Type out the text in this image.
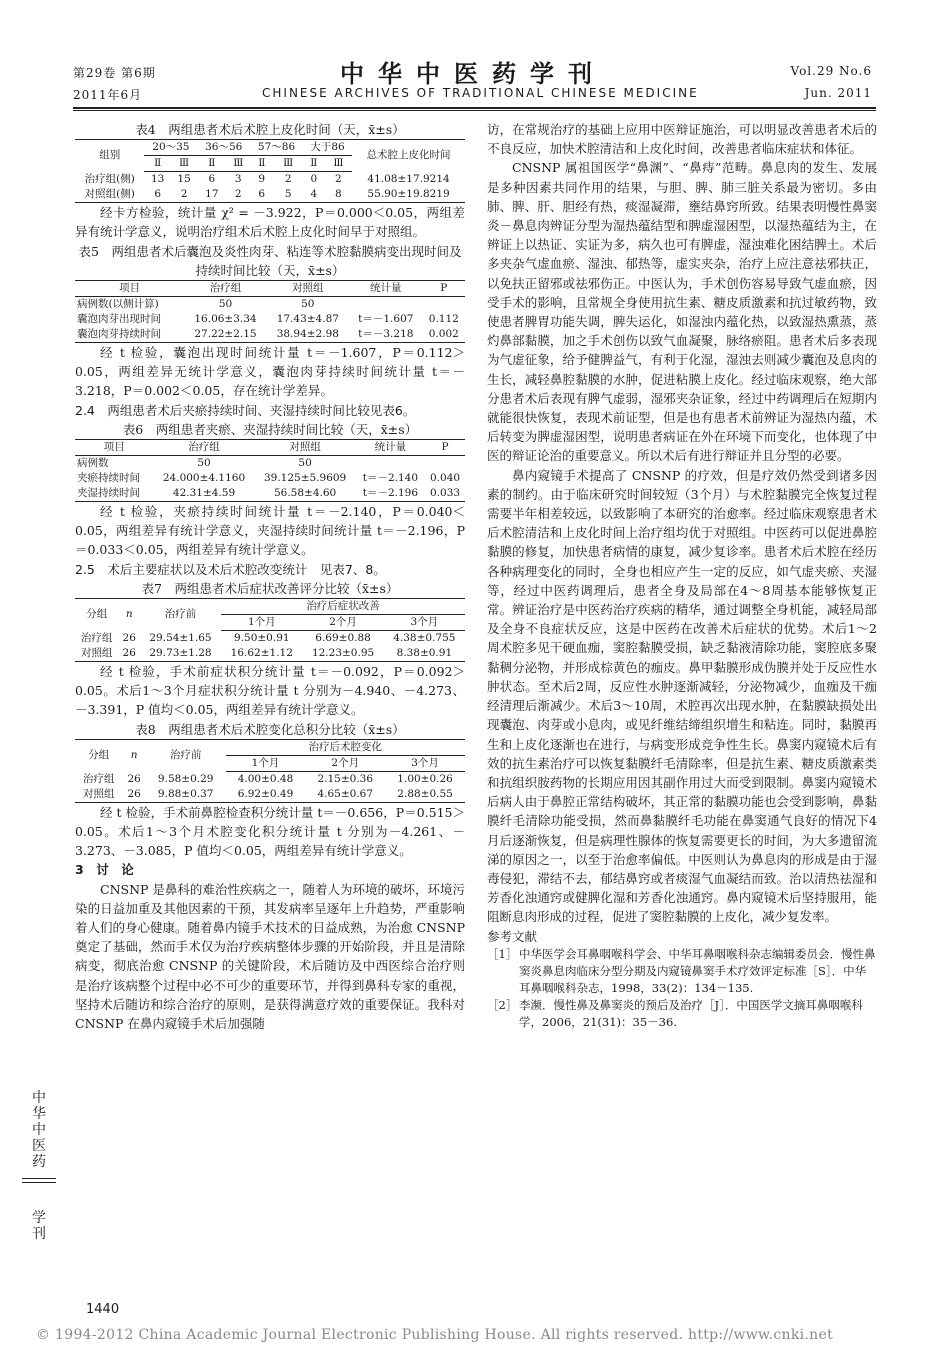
第29卷 第6期
2011年6月
中华中医药学刊
CHINESE ARCHIVES OF TRADITIONAL CHINESE MEDICINE
Vol.29 No.6
Jun. 2011

表4　两组患者术后术腔上皮化时间（天，x̄±s）

组别	20～35		36～56		57～86		大于86		总术腔上皮化时间
	Ⅱ	Ⅲ	Ⅱ	Ⅲ	Ⅱ	Ⅲ	Ⅱ	Ⅲ	
治疗组(侧)	13	15	6	3	9	2	0	2	41.08±17.9214
对照组(侧)	6	2	17	2	6	5	4	8	55.90±19.8219

经卡方检验，统计量 χ² = －3.922，P＝0.000＜0.05，两组差异有统计学意义，说明治疗组术后术腔上皮化时间早于对照组。

表5　两组患者术后囊泡及炎性肉芽、粘连等术腔黏膜病变出现时间及持续时间比较（天，x̄±s）

项目	治疗组	对照组	统计量	P
病例数(以侧计算)	50	50		
囊泡肉芽出现时间	16.06±3.34	17.43±4.87	t＝－1.607	0.112
囊泡肉芽持续时间	27.22±2.15	38.94±2.98	t＝－3.218	0.002

经 t 检验，囊泡出现时间统计量 t＝－1.607，P＝0.112＞0.05，两组差异无统计学意义，囊泡肉芽持续时间统计量 t＝－3.218，P＝0.002＜0.05，存在统计学差异。

2.4　两组患者术后夹瘀持续时间、夹湿持续时间比较见表6。

表6　两组患者夹瘀、夹湿持续时间比较（天，x̄±s）

项目	治疗组	对照组	统计量	P
病例数	50	50		
夹瘀持续时间	24.000±4.1160	39.125±5.9609	t＝－2.140	0.040
夹湿持续时间	42.31±4.59	56.58±4.60	t＝－2.196	0.033

经 t 检验，夹瘀持续时间统计量 t＝－2.140，P＝0.040＜0.05，两组差异有统计学意义，夹湿持续时间统计量 t＝－2.196，P＝0.033＜0.05，两组差异有统计学意义。

2.5　术后主要症状以及术后术腔改变统计　见表7、8。

表7　两组患者术后症状改善评分比较（x̄±s）

分组	n	治疗前	治疗后症状改善		
			1个月	2个月	3个月
治疗组	26	29.54±1.65	9.50±0.91	6.69±0.88	4.38±0.755
对照组	26	29.73±1.28	16.62±1.12	12.23±0.95	8.38±0.91

经 t 检验，手术前症状积分统计量 t＝－0.092，P＝0.092＞0.05。术后1～3个月症状积分统计量 t 分别为－4.940、－4.273、－3.391，P 值均＜0.05，两组差异有统计学意义。

表8　两组患者术后术腔变化总积分比较（x̄±s）

分组	n	治疗前	治疗后术腔变化		
			1个月	2个月	3个月
治疗组	26	9.58±0.29	4.00±0.48	2.15±0.36	1.00±0.26
对照组	26	9.88±0.37	6.92±0.49	4.65±0.67	2.88±0.55

经 t 检验，手术前鼻腔检查积分统计量 t＝－0.656，P＝0.515＞0.05。术后1～3个月术腔变化积分统计量 t 分别为－4.261、－3.273、－3.085，P 值均＜0.05，两组差异有统计学意义。

3　讨　论

CNSNP 是鼻科的难治性疾病之一，随着人为环境的破坏，环境污染的日益加重及其他因素的干预，其发病率呈逐年上升趋势，严重影响着人们的身心健康。随着鼻内镜手术技术的日益成熟，为治愈 CNSNP 奠定了基础，然而手术仅为治疗疾病整体步骤的开始阶段，并且是清除病变，彻底治愈 CNSNP 的关键阶段，术后随访及中西医综合治疗则是治疗该病整个过程中必不可少的重要环节，并得到鼻科专家的重视，坚持术后随访和综合治疗的原则，是获得满意疗效的重要保证。我科对 CNSNP 在鼻内窥镜手术后加强随

访，在常规治疗的基础上应用中医辩证施治，可以明显改善患者术后的不良反应，加快术腔清洁和上皮化时间，改善患者临床症状和体征。

CNSNP 属祖国医学“鼻渊”、“鼻痔”范畴。鼻息肉的发生、发展是多种因素共同作用的结果，与胆、脾、肺三脏关系最为密切。多由肺、脾、肝、胆经有热，痰湿凝滞，壅结鼻窍所致。结果表明慢性鼻窦炎－鼻息肉辨证分型为湿热蕴结型和脾虚湿困型，以湿热蕴结为主，在辨证上以热证、实证为多，病久也可有脾虚，湿浊难化困结脾土。术后多夹杂气虚血瘀、湿浊、郁热等，虚实夹杂，治疗上应注意祛邪扶正，以免扶正留邪或祛邪伤正。中医认为，手术创伤容易导致气虚血瘀，因受手术的影响，且常规全身使用抗生素、糖皮质激素和抗过敏药物，致使患者脾胃功能失调，脾失运化，如湿浊内蕴化热，以致湿热熏蒸，蒸灼鼻部黏膜，加之手术创伤以致气血凝聚，脉络瘀阻。患者术后多表现为气虚征象，给予健脾益气，有利于化湿，湿浊去则减少囊泡及息肉的生长，减轻鼻腔黏膜的水肿，促进粘膜上皮化。经过临床观察，绝大部分患者术后表现有脾气虚弱，湿邪夹杂证象，经过中药调理后在短期内就能很快恢复，表现术前证型，但是也有患者术前辨证为湿热内蕴，术后转变为脾虚湿困型，说明患者病证在外在环境下而变化，也体现了中医的辩证论治的重要意义。所以术后有进行辩证并且分型的必要。

鼻内窥镜手术提高了 CNSNP 的疗效，但是疗效仍然受到诸多因素的制约。由于临床研究时间较短（3个月）与术腔黏膜完全恢复过程需要半年相差较远，以致影响了本研究的治愈率。经过临床观察患者术后术腔清洁和上皮化时间上治疗组均优于对照组。中医药可以促进鼻腔黏膜的修复，加快患者病情的康复，减少复诊率。患者术后术腔在经历各种病理变化的同时，全身也相应产生一定的反应，如气虚夹瘀、夹湿等，经过中医药调理后，患者全身及局部在4～8周基本能够恢复正常。辨证治疗是中医药治疗疾病的精华，通过调整全身机能，减轻局部及全身不良症状反应，这是中医药在改善术后症状的优势。术后1～2周术腔多见干硬血痂，窦腔黏膜受损，缺乏黏液清除功能，窦腔底多聚黏稠分泌物，并形成棕黄色的痂皮。鼻甲黏膜形成伪膜并处于反应性水肿状态。至术后2周，反应性水肿逐渐减轻，分泌物减少，血痂及干痂经清理后渐减少。术后3～10周，术腔再次出现水肿，在黏膜缺损处出现囊泡、肉芽或小息肉，或见纤维结缔组织增生和粘连。同时，黏膜再生和上皮化逐渐也在进行，与病变形成竞争性生长。鼻窦内窥镜术后有效的抗生素治疗可以恢复黏膜纤毛清除率，但是抗生素、糖皮质激素类和抗组织胺药物的长期应用因其副作用过大而受到限制。鼻窦内窥镜术后病人由于鼻腔正常结构破坏，其正常的黏膜功能也会受到影响，鼻黏膜纤毛清除功能受损，然而鼻黏膜纤毛功能在鼻窦通气良好的情况下4月后逐渐恢复，但是病理性腺体的恢复需要更长的时间，为大多遗留流涕的原因之一，以至于治愈率偏低。中医则认为鼻息肉的形成是由于湿毒侵犯，滞结不去，郁结鼻窍或者痰湿气血凝结而致。治以清热祛湿和芳香化浊通窍或健脾化湿和芳香化浊通窍。鼻内窥镜术后坚持服用，能阻断息肉形成的过程，促进了窦腔黏膜的上皮化，减少复发率。

参考文献

［1］ 中华医学会耳鼻咽喉科学会、中华耳鼻咽喉科杂志编辑委员会．慢性鼻窦炎鼻息肉临床分型分期及内窥镜鼻窦手术疗效评定标准［S］．中华耳鼻咽喉科杂志，1998，33(2)：134－135.
［2］ 李濒．慢性鼻及鼻窦炎的预后及治疗［J］．中国医学文摘耳鼻咽喉科学，2006，21(31)：35－36.
中
华
中
医
药
学
刊
1440
© 1994-2012 China Academic Journal Electronic Publishing House. All rights reserved. http://www.cnki.net
